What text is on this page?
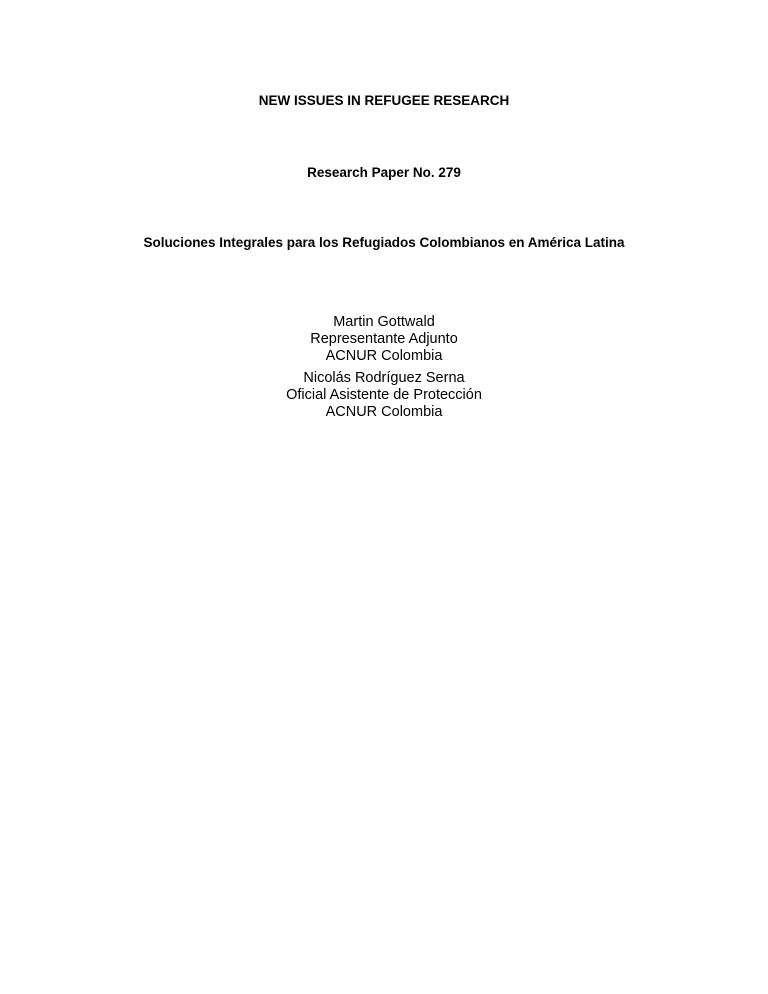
NEW ISSUES IN REFUGEE RESEARCH
Research Paper No. 279
Soluciones Integrales para los Refugiados Colombianos en América Latina
Martin Gottwald
Representante Adjunto
ACNUR Colombia
Nicolás Rodríguez Serna
Oficial Asistente de Protección
ACNUR Colombia
